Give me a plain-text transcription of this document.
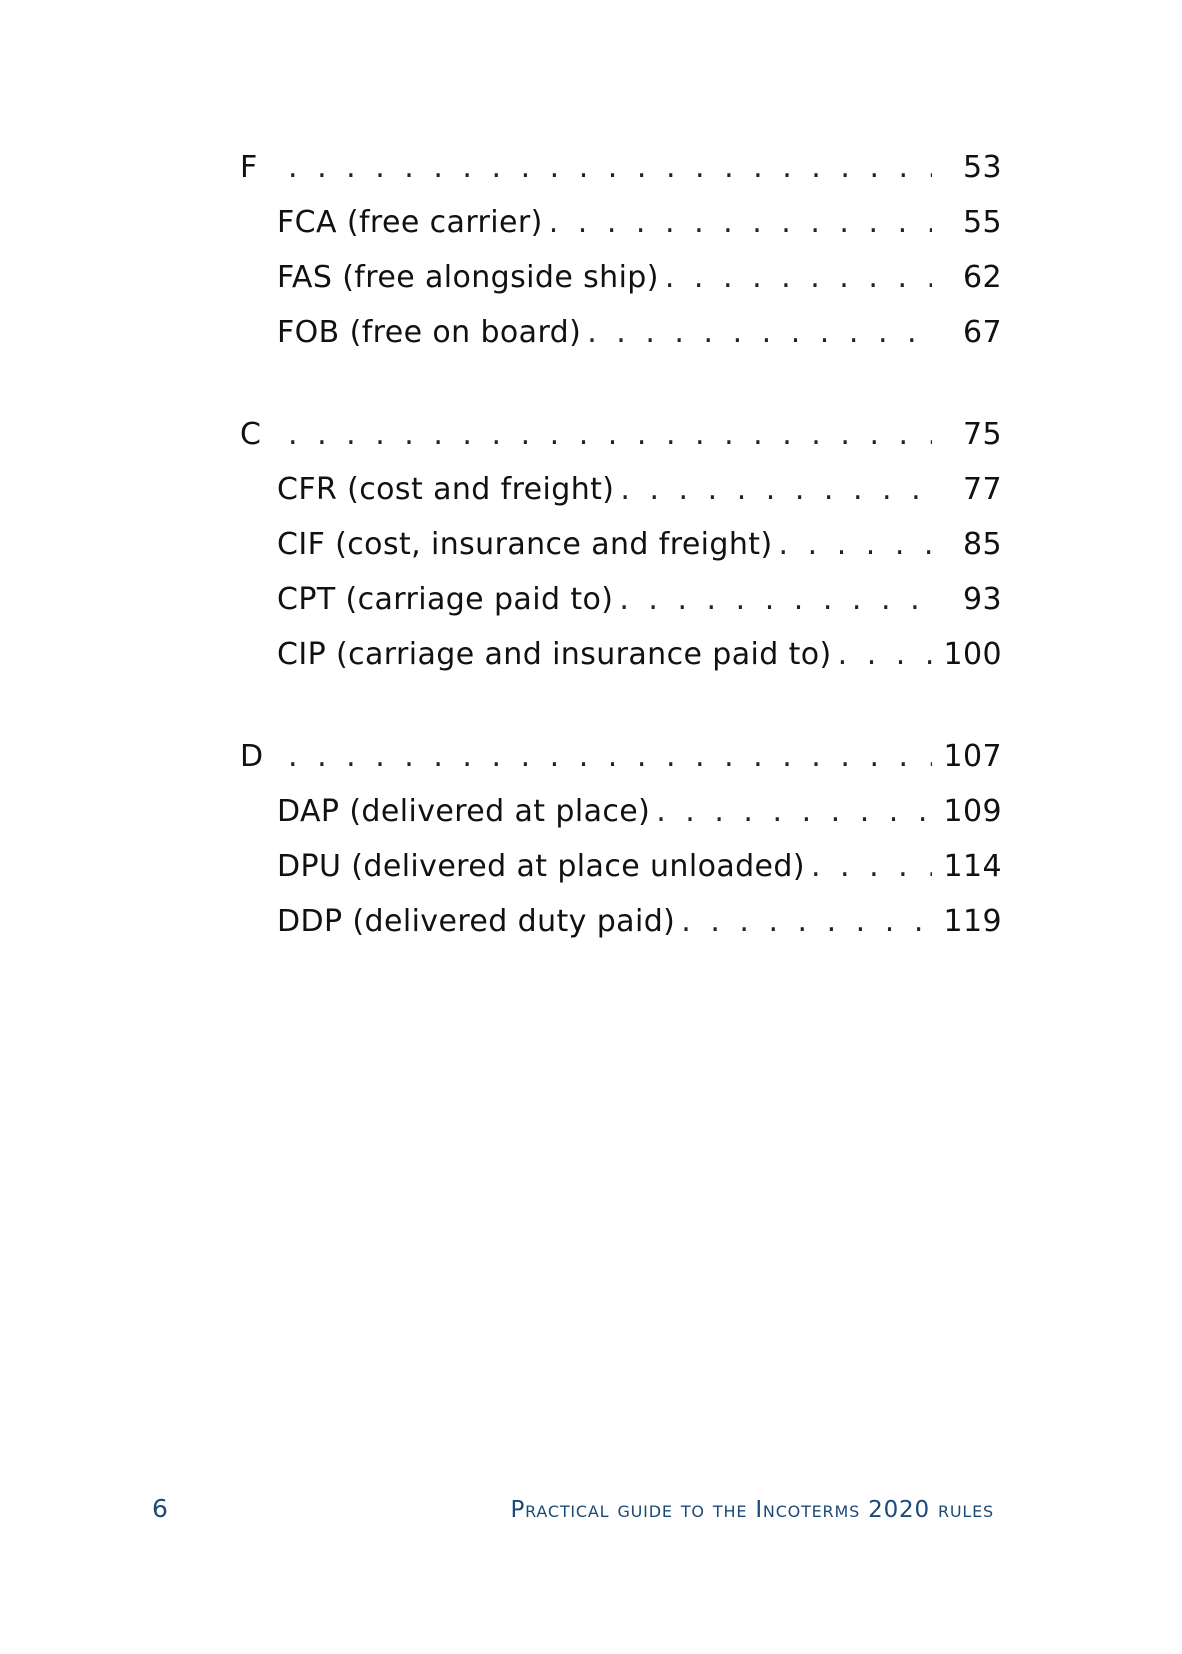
F . . .	53
FCA (free carrier) . . .	55
FAS (free alongside ship) . . .	62
FOB (free on board) . . .	67
C . . .	75
CFR (cost and freight) . . .	77
CIF (cost, insurance and freight) . . .	85
CPT (carriage paid to) . . .	93
CIP (carriage and insurance paid to) . . .	100
D . . .	107
DAP (delivered at place) . . .	109
DPU (delivered at place unloaded) . . .	114
DDP (delivered duty paid) . . .	119
6	Practical guide to the Incoterms 2020 rules
